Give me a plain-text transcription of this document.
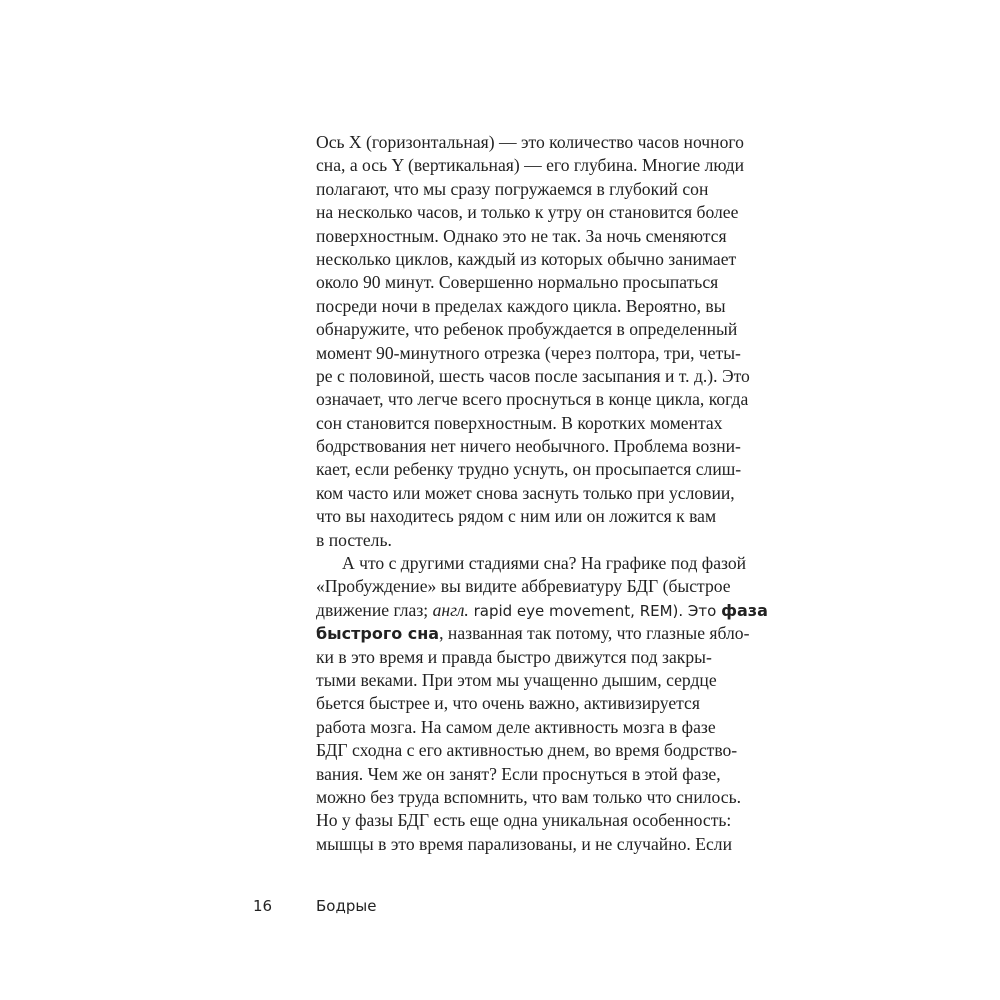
Ось X (горизонтальная) — это количество часов ночного
сна, а ось Y (вертикальная) — его глубина. Многие люди
полагают, что мы сразу погружаемся в глубокий сон
на несколько часов, и только к утру он становится более
поверхностным. Однако это не так. За ночь сменяются
несколько циклов, каждый из которых обычно занимает
около 90 минут. Совершенно нормально просыпаться
посреди ночи в пределах каждого цикла. Вероятно, вы
обнаружите, что ребенок пробуждается в определенный
момент 90-минутного отрезка (через полтора, три, четы-
ре с половиной, шесть часов после засыпания и т. д.). Это
означает, что легче всего проснуться в конце цикла, когда
сон становится поверхностным. В коротких моментах
бодрствования нет ничего необычного. Проблема возни-
кает, если ребенку трудно уснуть, он просыпается слиш-
ком часто или может снова заснуть только при условии,
что вы находитесь рядом с ним или он ложится к вам
в постель.
А что с другими стадиями сна? На графике под фазой
«Пробуждение» вы видите аббревиатуру БДГ (быстрое
движение глаз; англ. rapid eye movement, REM). Это фаза
быстрого сна, названная так потому, что глазные ябло-
ки в это время и правда быстро движутся под закры-
тыми веками. При этом мы учащенно дышим, сердце
бьется быстрее и, что очень важно, активизируется
работа мозга. На самом деле активность мозга в фазе
БДГ сходна с его активностью днем, во время бодрство-
вания. Чем же он занят? Если проснуться в этой фазе,
можно без труда вспомнить, что вам только что снилось.
Но у фазы БДГ есть еще одна уникальная особенность:
мышцы в это время парализованы, и не случайно. Если
16	Бодрые
